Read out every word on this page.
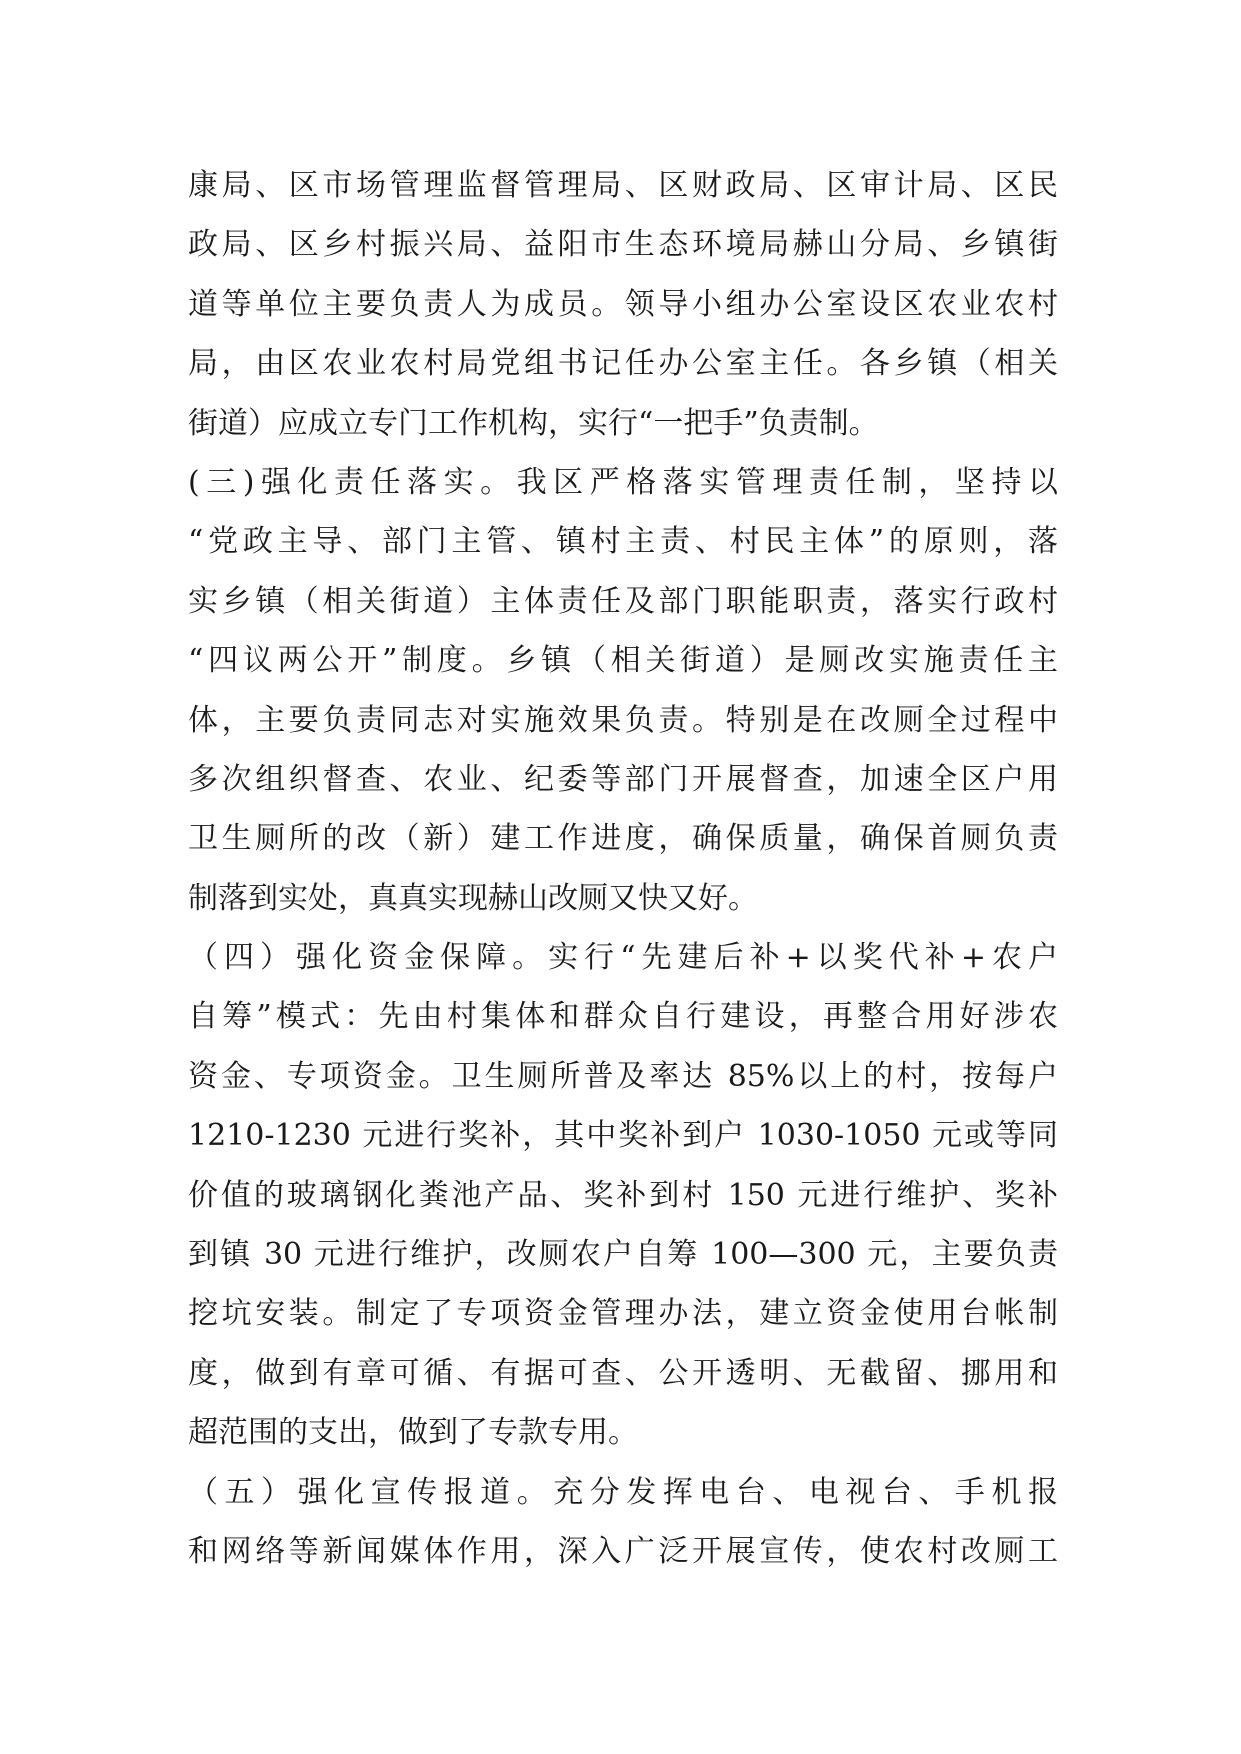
康局、区市场管理监督管理局、区财政局、区审计局、区民
政局、区乡村振兴局、益阳市生态环境局赫山分局、乡镇街
道等单位主要负责人为成员。领导小组办公室设区农业农村
局，由区农业农村局党组书记任办公室主任。各乡镇（相关
街道）应成立专门工作机构，实行“一把手”负责制。
(三)强化责任落实。我区严格落实管理责任制，坚持以
“党政主导、部门主管、镇村主责、村民主体”的原则，落
实乡镇（相关街道）主体责任及部门职能职责，落实行政村
“四议两公开”制度。乡镇（相关街道）是厕改实施责任主
体，主要负责同志对实施效果负责。特别是在改厕全过程中
多次组织督查、农业、纪委等部门开展督查，加速全区户用
卫生厕所的改（新）建工作进度，确保质量，确保首厕负责
制落到实处，真真实现赫山改厕又快又好。
（四）强化资金保障。实行“先建后补+以奖代补+农户
自筹”模式：先由村集体和群众自行建设，再整合用好涉农
资金、专项资金。卫生厕所普及率达 85%以上的村，按每户
1210-1230 元进行奖补，其中奖补到户 1030-1050 元或等同
价值的玻璃钢化粪池产品、奖补到村 150 元进行维护、奖补
到镇 30 元进行维护，改厕农户自筹 100—300 元，主要负责
挖坑安装。制定了专项资金管理办法，建立资金使用台帐制
度，做到有章可循、有据可查、公开透明、无截留、挪用和
超范围的支出，做到了专款专用。
（五）强化宣传报道。充分发挥电台、电视台、手机报
和网络等新闻媒体作用，深入广泛开展宣传，使农村改厕工
